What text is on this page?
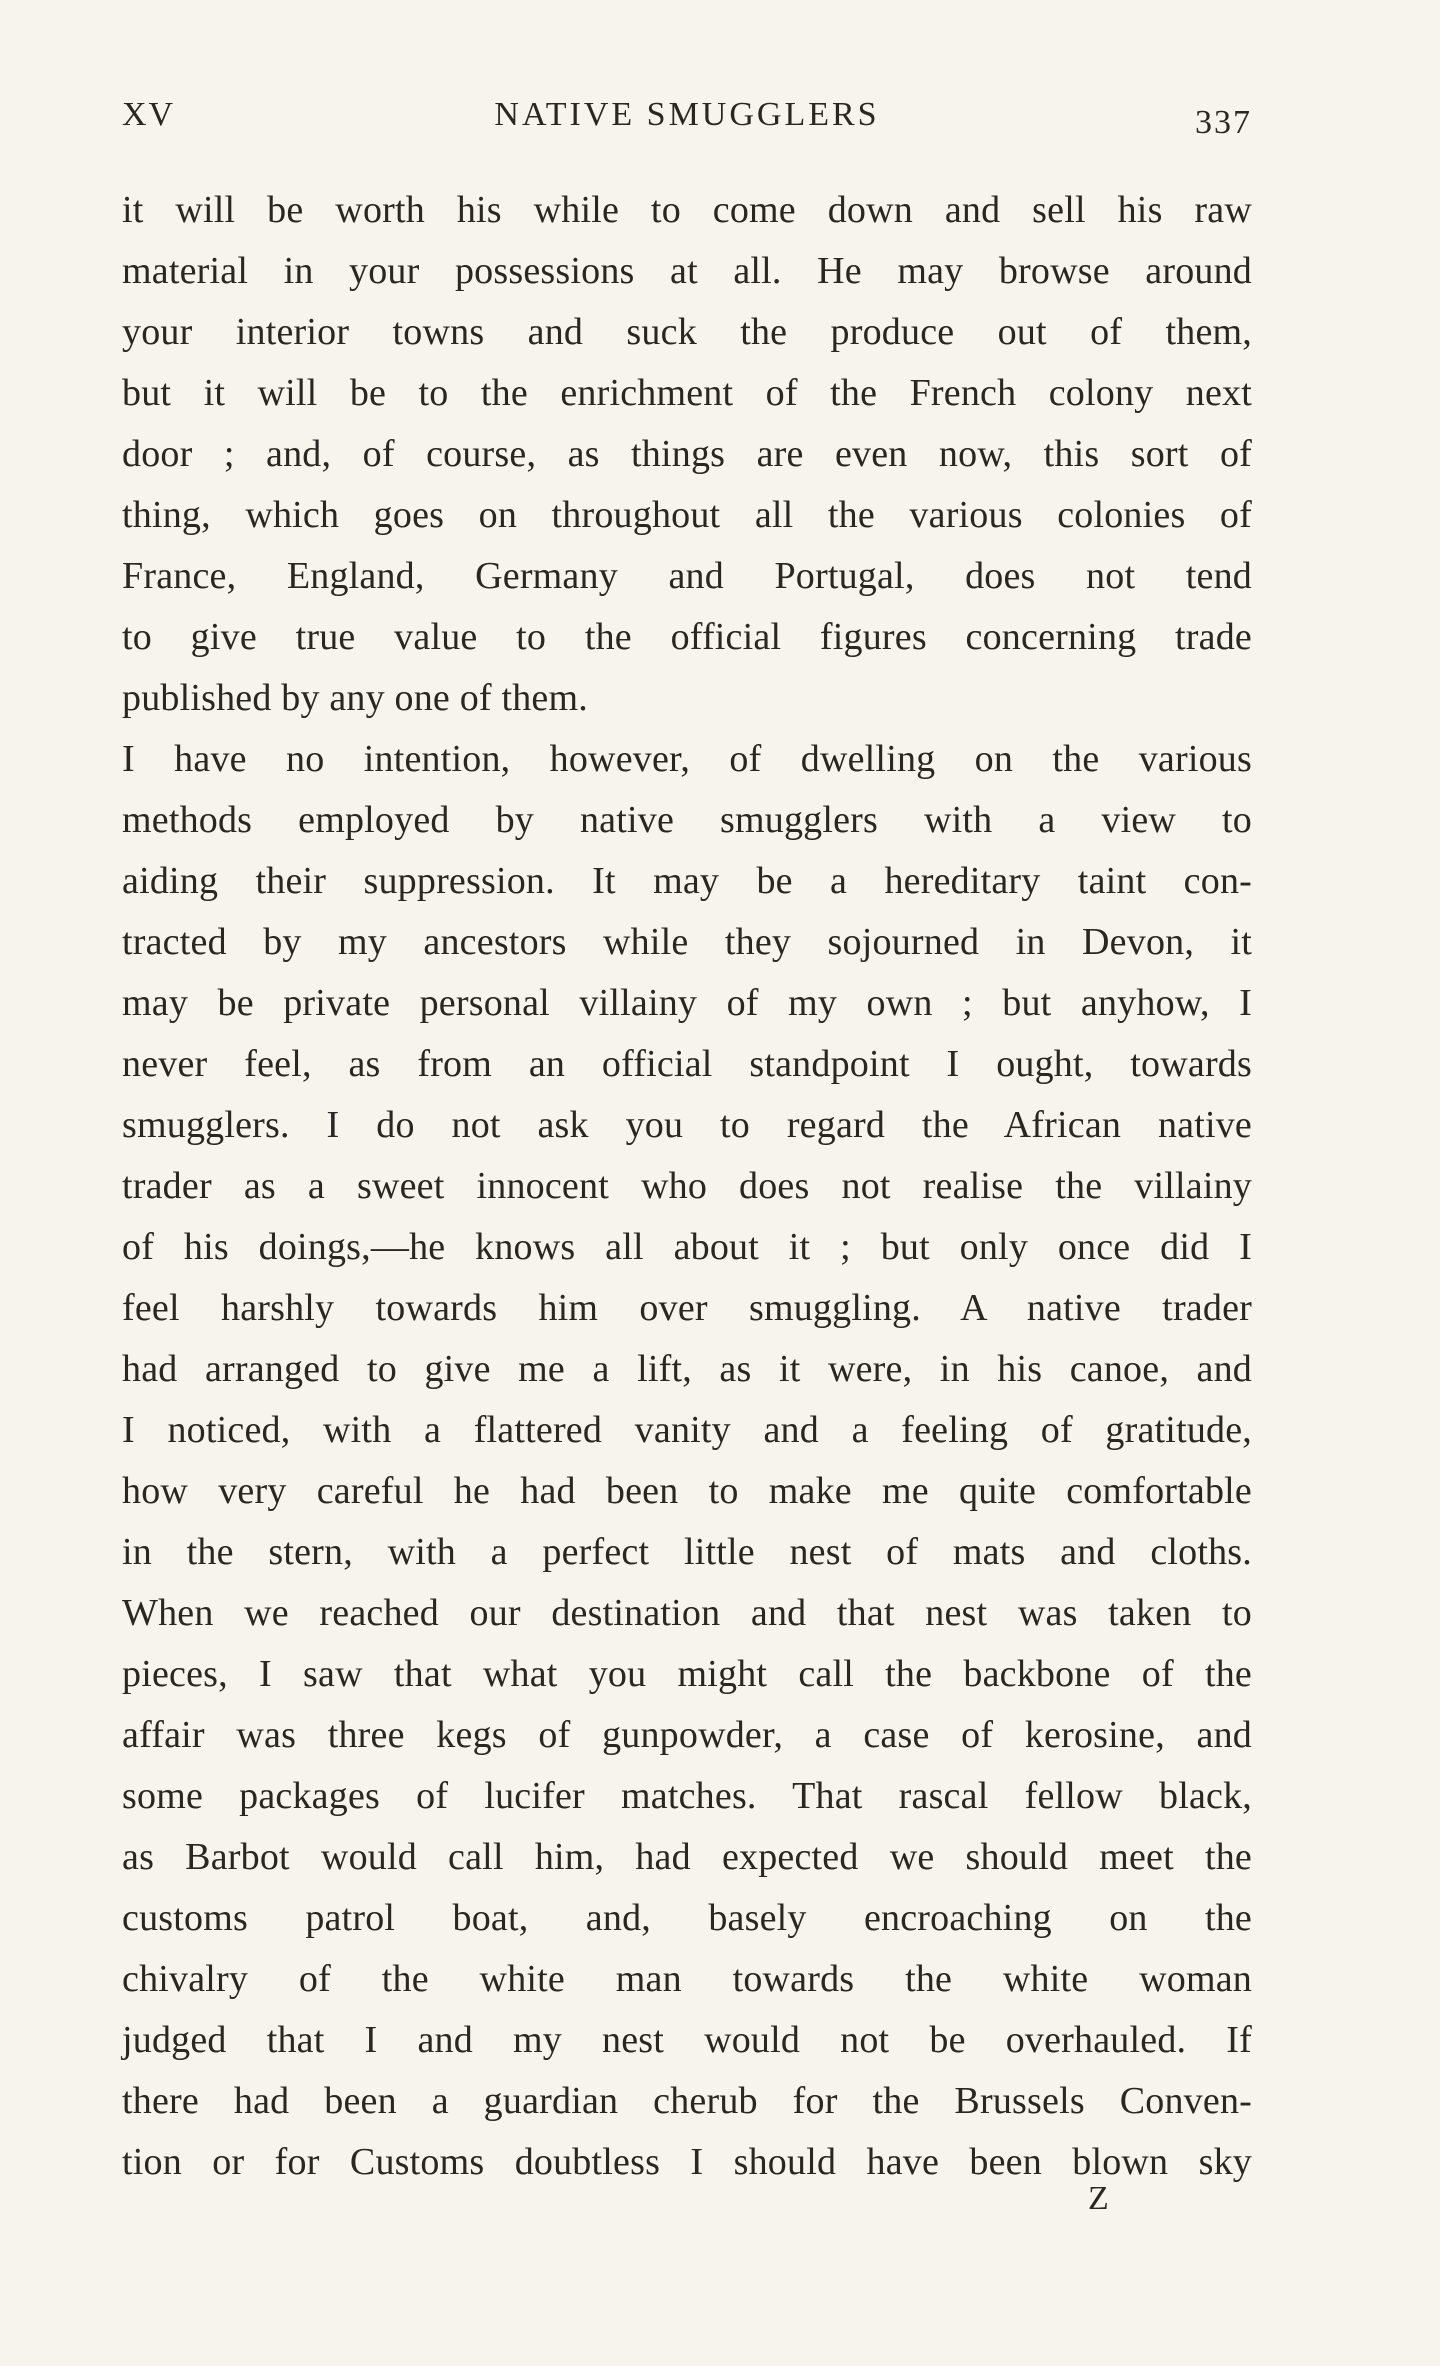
XV	NATIVE SMUGGLERS	337
it will be worth his while to come down and sell his raw
material in your possessions at all. He may browse around
your interior towns and suck the produce out of them,
but it will be to the enrichment of the French colony next
door ; and, of course, as things are even now, this sort of
thing, which goes on throughout all the various colonies of
France, England, Germany and Portugal, does not tend
to give true value to the official figures concerning trade
published by any one of them.
I have no intention, however, of dwelling on the various
methods employed by native smugglers with a view to
aiding their suppression. It may be a hereditary taint con-
tracted by my ancestors while they sojourned in Devon, it
may be private personal villainy of my own ; but anyhow, I
never feel, as from an official standpoint I ought, towards
smugglers. I do not ask you to regard the African native
trader as a sweet innocent who does not realise the villainy
of his doings,—he knows all about it ; but only once did I
feel harshly towards him over smuggling. A native trader
had arranged to give me a lift, as it were, in his canoe, and
I noticed, with a flattered vanity and a feeling of gratitude,
how very careful he had been to make me quite comfortable
in the stern, with a perfect little nest of mats and cloths.
When we reached our destination and that nest was taken to
pieces, I saw that what you might call the backbone of the
affair was three kegs of gunpowder, a case of kerosine, and
some packages of lucifer matches. That rascal fellow black,
as Barbot would call him, had expected we should meet the
customs patrol boat, and, basely encroaching on the
chivalry of the white man towards the white woman
judged that I and my nest would not be overhauled. If
there had been a guardian cherub for the Brussels Conven-
tion or for Customs doubtless I should have been blown sky
Z
